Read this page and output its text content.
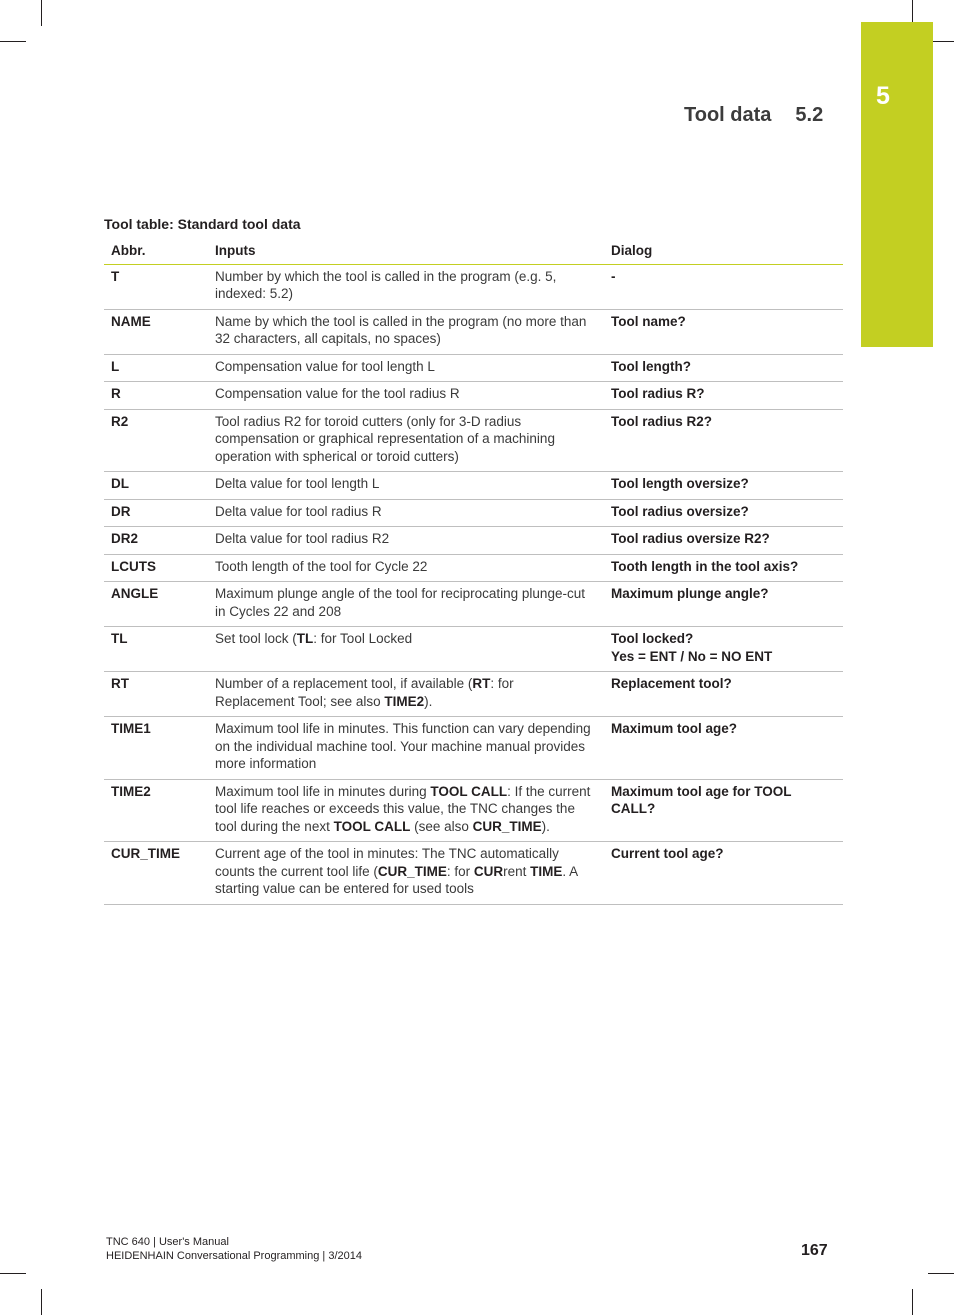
5
Tool data 5.2
Tool table: Standard tool data
Abbr.	Inputs	Dialog
T	Number by which the tool is called in the program (e.g. 5, indexed: 5.2)	-

NAME	Name by which the tool is called in the program (no more than 32 characters, all capitals, no spaces)	Tool name?

L	Compensation value for tool length L	Tool length?

R	Compensation value for the tool radius R	Tool radius R?

R2	Tool radius R2 for toroid cutters (only for 3-D radius compensation or graphical representation of a machining operation with spherical or toroid cutters)	Tool radius R2?

DL	Delta value for tool length L	Tool length oversize?

DR	Delta value for tool radius R	Tool radius oversize?

DR2	Delta value for tool radius R2	Tool radius oversize R2?

LCUTS	Tooth length of the tool for Cycle 22	Tooth length in the tool axis?

ANGLE	Maximum plunge angle of the tool for reciprocating plunge-cut in Cycles 22 and 208	Maximum plunge angle?

TL	Set tool lock (TL: for Tool Locked	Tool locked?
Yes = ENT / No = NO ENT

RT	Number of a replacement tool, if available (RT: for Replacement Tool; see also TIME2).	Replacement tool?

TIME1	Maximum tool life in minutes. This function can vary depending on the individual machine tool. Your machine manual provides more information	Maximum tool age?

TIME2	Maximum tool life in minutes during TOOL CALL: If the current tool life reaches or exceeds this value, the TNC changes the tool during the next TOOL CALL (see also CUR_TIME).	Maximum tool age for TOOL CALL?

CUR_TIME	Current age of the tool in minutes: The TNC automatically counts the current tool life (CUR_TIME: for CURrent TIME. A starting value can be entered for used tools	Current tool age?
TNC 640 | User's Manual
HEIDENHAIN Conversational Programming | 3/2014	167
